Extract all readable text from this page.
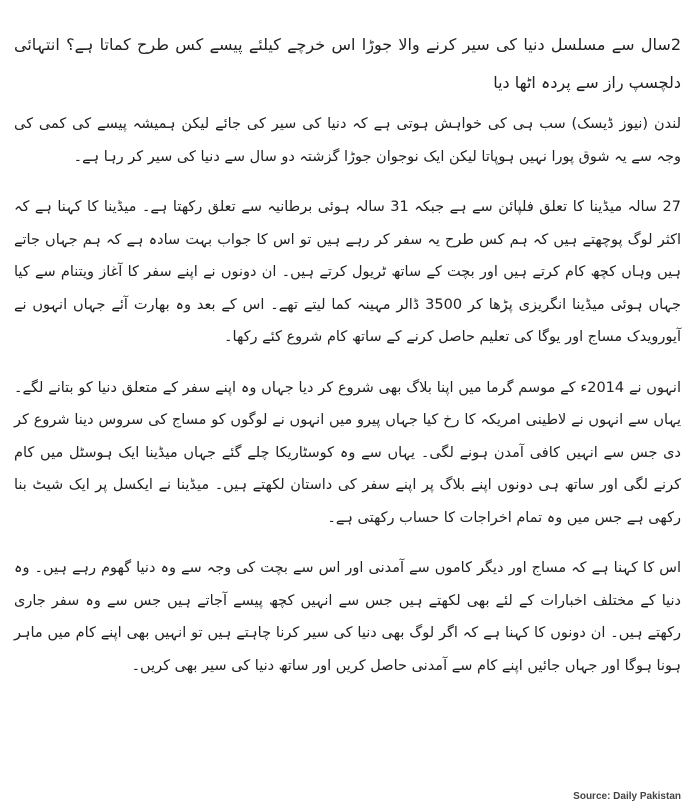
2سال سے مسلسل دنیا کی سیر کرنے والا جوڑا اس خرچے کیلئے پیسے کس طرح کماتا ہے؟ انتہائی دلچسپ راز سے پردہ اٹھا دیا

لندن (نیوز ڈیسک) سب ہی کی خواہش ہوتی ہے کہ دنیا کی سیر کی جائے لیکن ہمیشہ پیسے کی کمی کی وجہ سے یہ شوق پورا نہیں ہوپاتا لیکن ایک نوجوان جوڑا گزشتہ دو سال سے دنیا کی سیر کر رہا ہے۔

27 سالہ میڈینا کا تعلق فلپائن سے ہے جبکہ 31 سالہ ہوئی برطانیہ سے تعلق رکھتا ہے۔ میڈینا کا کہنا ہے کہ اکثر لوگ پوچھتے ہیں کہ ہم کس طرح یہ سفر کر رہے ہیں تو اس کا جواب بہت سادہ ہے کہ ہم جہاں جاتے ہیں وہاں کچھ کام کرتے ہیں اور بچت کے ساتھ ٹریول کرتے ہیں۔ ان دونوں نے اپنے سفر کا آغاز ویتنام سے کیا جہاں ہوئی میڈینا انگریزی پڑھا کر 3500 ڈالر مہینہ کما لیتے تھے۔ اس کے بعد وہ بھارت آئے جہاں انہوں نے آیورویدک مساج اور یوگا کی تعلیم حاصل کرنے کے ساتھ کام شروع کئے رکھا۔

انہوں نے 2014ء کے موسم گرما میں اپنا بلاگ بھی شروع کر دیا جہاں وہ اپنے سفر کے متعلق دنیا کو بتانے لگے۔ یہاں سے انہوں نے لاطینی امریکہ کا رخ کیا جہاں پیرو میں انہوں نے لوگوں کو مساج کی سروس دینا شروع کر دی جس سے انہیں کافی آمدن ہونے لگی۔ یہاں سے وہ کوسٹاریکا چلے گئے جہاں میڈینا ایک ہوسٹل میں کام کرنے لگی اور ساتھ ہی دونوں اپنے بلاگ پر اپنے سفر کی داستان لکھتے ہیں۔ میڈینا نے ایکسل پر ایک شیٹ بنا رکھی ہے جس میں وہ تمام اخراجات کا حساب رکھتی ہے۔

اس کا کہنا ہے کہ مساج اور دیگر کاموں سے آمدنی اور اس سے بچت کی وجہ سے وہ دنیا گھوم رہے ہیں۔ وہ دنیا کے مختلف اخبارات کے لئے بھی لکھتے ہیں جس سے انہیں کچھ پیسے آجاتے ہیں جس سے وہ سفر جاری رکھتے ہیں۔ ان دونوں کا کہنا ہے کہ اگر لوگ بھی دنیا کی سیر کرنا چاہتے ہیں تو انہیں بھی اپنے کام میں ماہر ہونا ہوگا اور جہاں جائیں اپنے کام سے آمدنی حاصل کریں اور ساتھ دنیا کی سیر بھی کریں۔

Source: Daily Pakistan
